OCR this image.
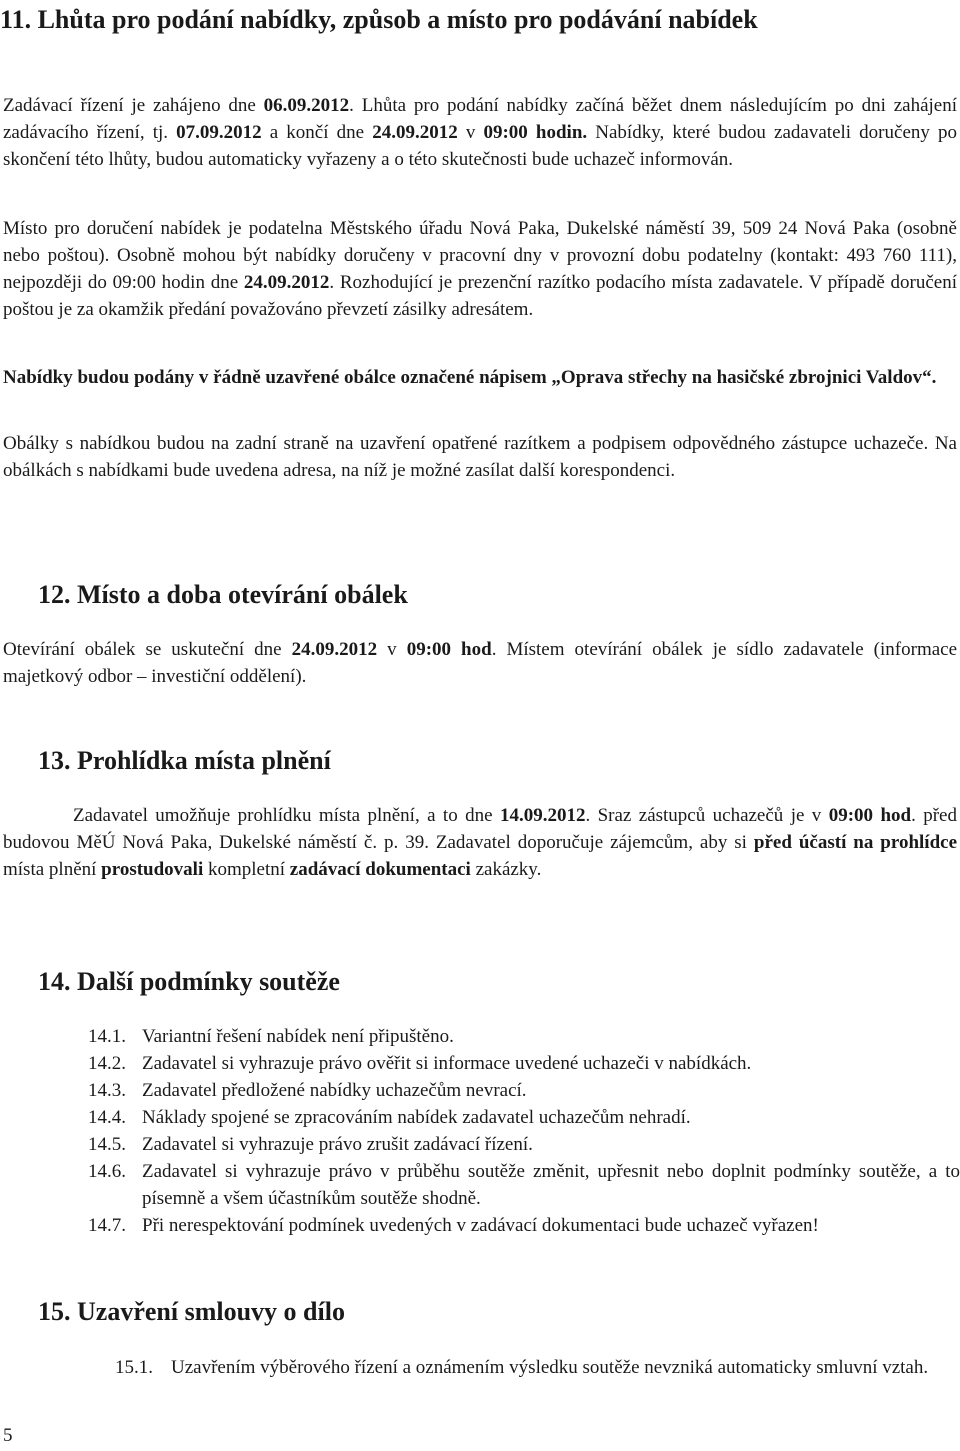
11. Lhůta pro podání nabídky, způsob a místo pro podávání nabídek

Zadávací řízení je zahájeno dne 06.09.2012. Lhůta pro podání nabídky začíná běžet dnem následujícím po dni zahájení zadávacího řízení, tj. 07.09.2012 a končí dne 24.09.2012 v 09:00 hodin. Nabídky, které budou zadavateli doručeny po skončení této lhůty, budou automaticky vyřazeny a o této skutečnosti bude uchazeč informován.

Místo pro doručení nabídek je podatelna Městského úřadu Nová Paka, Dukelské náměstí 39, 509 24 Nová Paka (osobně nebo poštou). Osobně mohou být nabídky doručeny v pracovní dny v provozní dobu podatelny (kontakt: 493 760 111), nejpozději do 09:00 hodin dne 24.09.2012. Rozhodující je prezenční razítko podacího místa zadavatele. V případě doručení poštou je za okamžik předání považováno převzetí zásilky adresátem.

Nabídky budou podány v řádně uzavřené obálce označené nápisem „Oprava střechy na hasičské zbrojnici Valdov“.

Obálky s nabídkou budou na zadní straně na uzavření opatřené razítkem a podpisem odpovědného zástupce uchazeče. Na obálkách s nabídkami bude uvedena adresa, na níž je možné zasílat další korespondenci.

12. Místo a doba otevírání obálek

Otevírání obálek se uskuteční dne 24.09.2012 v 09:00 hod. Místem otevírání obálek je sídlo zadavatele (informace majetkový odbor – investiční oddělení).

13. Prohlídka místa plnění

Zadavatel umožňuje prohlídku místa plnění, a to dne 14.09.2012. Sraz zástupců uchazečů je v 09:00 hod. před budovou MěÚ Nová Paka, Dukelské náměstí č. p. 39. Zadavatel doporučuje zájemcům, aby si před účastí na prohlídce místa plnění prostudovali kompletní zadávací dokumentaci zakázky.

14. Další podmínky soutěže
14.1. Variantní řešení nabídek není připuštěno.
14.2. Zadavatel si vyhrazuje právo ověřit si informace uvedené uchazeči v nabídkách.
14.3. Zadavatel předložené nabídky uchazečům nevrací.
14.4. Náklady spojené se zpracováním nabídek zadavatel uchazečům nehradí.
14.5. Zadavatel si vyhrazuje právo zrušit zadávací řízení.
14.6. Zadavatel si vyhrazuje právo v průběhu soutěže změnit, upřesnit nebo doplnit podmínky soutěže, a to písemně a všem účastníkům soutěže shodně.
14.7. Při nerespektování podmínek uvedených v zadávací dokumentaci bude uchazeč vyřazen!
15. Uzavření smlouvy o dílo
15.1. Uzavřením výběrového řízení a oznámením výsledku soutěže nevzniká automaticky smluvní vztah.
5
